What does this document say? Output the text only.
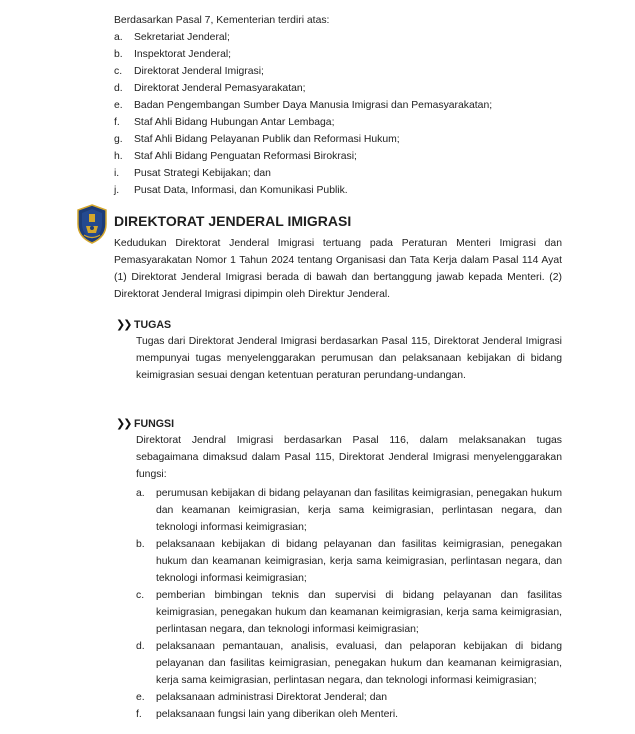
Berdasarkan Pasal 7, Kementerian terdiri atas:
a.	Sekretariat Jenderal;
b.	Inspektorat Jenderal;
c.	Direktorat Jenderal Imigrasi;
d.	Direktorat Jenderal Pemasyarakatan;
e.	Badan Pengembangan Sumber Daya Manusia Imigrasi dan Pemasyarakatan;
f.	Staf Ahli Bidang Hubungan Antar Lembaga;
g.	Staf Ahli Bidang Pelayanan Publik dan Reformasi Hukum;
h.	Staf Ahli Bidang Penguatan Reformasi Birokrasi;
i.	Pusat Strategi Kebijakan; dan
j.	Pusat Data, Informasi, dan Komunikasi Publik.
DIREKTORAT JENDERAL IMIGRASI
Kedudukan Direktorat Jenderal Imigrasi tertuang pada Peraturan Menteri Imigrasi dan Pemasyarakatan Nomor 1 Tahun 2024 tentang Organisasi dan Tata Kerja dalam Pasal 114 Ayat (1) Direktorat Jenderal Imigrasi berada di bawah dan bertanggung jawab kepada Menteri. (2) Direktorat Jenderal Imigrasi dipimpin oleh Direktur Jenderal.
❯❯ TUGAS
Tugas dari Direktorat Jenderal Imigrasi berdasarkan Pasal 115, Direktorat Jenderal Imigrasi mempunyai tugas menyelenggarakan perumusan dan pelaksanaan kebijakan di bidang keimigrasian sesuai dengan ketentuan peraturan perundang-undangan.
❯❯ FUNGSI
Direktorat Jendral Imigrasi berdasarkan Pasal 116, dalam melaksanakan tugas sebagaimana dimaksud dalam Pasal 115, Direktorat Jenderal Imigrasi menyelenggarakan fungsi:
a.	perumusan kebijakan di bidang pelayanan dan fasilitas keimigrasian, penegakan hukum dan keamanan keimigrasian, kerja sama keimigrasian, perlintasan negara, dan teknologi informasi keimigrasian;
b.	pelaksanaan kebijakan di bidang pelayanan dan fasilitas keimigrasian, penegakan hukum dan keamanan keimigrasian, kerja sama keimigrasian, perlintasan negara, dan teknologi informasi keimigrasian;
c.	pemberian bimbingan teknis dan supervisi di bidang pelayanan dan fasilitas keimigrasian, penegakan hukum dan keamanan keimigrasian, kerja sama keimigrasian, perlintasan negara, dan teknologi informasi keimigrasian;
d.	pelaksanaan pemantauan, analisis, evaluasi, dan pelaporan kebijakan di bidang pelayanan dan fasilitas keimigrasian, penegakan hukum dan keamanan keimigrasian, kerja sama keimigrasian, perlintasan negara, dan teknologi informasi keimigrasian;
e.	pelaksanaan administrasi Direktorat Jenderal; dan
f.	pelaksanaan fungsi lain yang diberikan oleh Menteri.
